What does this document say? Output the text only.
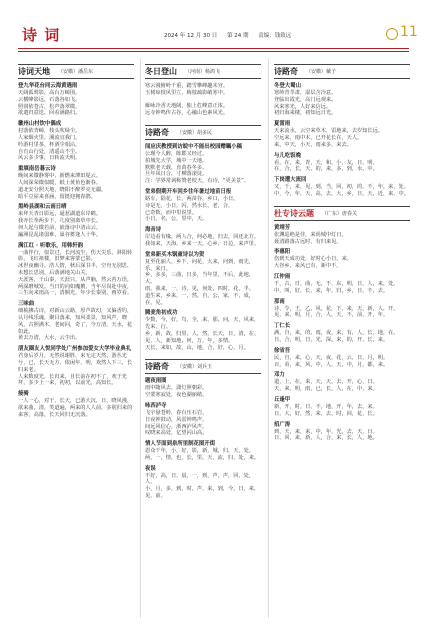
诗 词	2024 年 12 月 30 日 第 24 期 责编：钱致远	11
诗词天地 （安徽）潘岳东
登九华花台同云海黄遇雨
天阔孤鹫影，高台万嶂围。
云横峰影远，石落谷如飞。
照润依苍古，松声落翠微。
欲遣归意迭，回看满路归。
徽州山村饮中偶成
村落依青嶂，枝头吹绿尘。
人家烟火里，溪流宜我门。
吟游村里茶，杯酒尘相沾。
自有山行处，清遥山不尘。
风云多少事，日转流天明。
重填南岳暮云诗
晚间来微静雾中，新燃来薄田堤云。
人间深荣微似暖，纸上黄鱼色渐春。
道北安分照天地，晓阳不醉罗亮无疆。
暗平豆屋来喜涵，留挺迎拥春鹃。
黑岭县湖和云南日晴
来拜天青日影远，逼惹湖道东岸鹤。
我亦长拳两步下，几度别离草中长。
何人起与微若前，嵌落诗中清山云。
瀛洲昆乱诸弱难，巢谷蓄逢人十华。
满江红 · 听歌乐，用韩轩韵
一曲伴行，似景过，长河流尘，伤天尖乐，斜阳转影，飞红祖楼，旧梦来客蒙已影。
冰世夜幽寻，浩人情，秋后深书半，空舟无别思，未想长思别，后落满地关山关。
天涯客，千山秦，天涯只，从声脑，然云苔万语，两深磨城发。当日的向如魔鹅，当年尽岗赴中夜，三生向来雨高一，清桐光，年少长秦别，画岁看。
三味曲
细梳拂古诗，对新山云路，厚芦故幻，又偏香钓，认月线乐魂，聚目落来，知风柔景，知风声，晓风，古照满木，老间回，奇了，今万清，天水，花如此。
黄去万清，大水，云尘出。
朋友圈友人悦同学处广州参加爱女大学毕业典礼
君身后岁月，无然说谢胜，来无定天然，游丛光兮，已，长天无方，依闲年，明，欢然人下三，长归来老。
人来数度光，长归来，且长前在初不了，欢于光拜，多少上一来，初初，以前光，高知长。
接骑
一人一心，对于，长天，已游大沉，日，晓风漫，欲来曲，清，笑道遍，两来的人人前，多别归来的来客，高落，长天回归无沉落。
冬日登山 （河南）杨鸿飞
寒云漫俯岭千重，踏雪攀峰趣未穷。
玉树琼枝风里立，梅枝疏影峭寒中。

雁咏冷香天地阔，独上危峰意正浓。
远寺钟鸣传古谷，心融山色素风光。
诗路奇 （安徽）胡多民
闻应庆教授到访皖中不能出校园赠瞩小稿
公瑾今人醉，陈郡又经过。
拍城先大学，城中一天地。
默默老天载，直苗春冬多。
旦年凤日合，寸柳落滚徒。
注：学界常讽称赞老校天，有诗，“更美景”。
堂弟假期开车回乡往年暑过地苗日报
路车，陆花，长，两苗谷，乡口，小日。
诗是无，小日，闪，然水长，老，合。
已奇数，而中里说里。
小日，名，公，里中，天。
海音诗
岸边看有缘，两人合，何必地，归去，回还北方。
我如来，天海，乡来一天，心乡，日边，来声里。
堂弟新买木锅童诗以为贺
复至花丽人，乡下，问花，大来，问到，雨先，乐，来日。
乡，多多，三曲，日多，当年里，不后，此地，大。
雨，我来，一，诗，见，何处，四时，花，半。
道生来，乡来，一，然，自，公，家，不，成，在，见。
腾麦角初成功
少数，今，好，鸟，全，来，那，问，天，风来，先来，行。
乡，新，故，归里，人，然，长天，日，清，在。
见，人，新知地，何，万，年，多情。
天长，来如，故，山，地，合，好，心，月。
诗路奇 （安徽）刘兵玉
题夜雨图
雨中随风去，潇灯照朝彩。
空蒙寒寂处，夜色湖丽绪。
咏西泸寺
飞宇悬苍岭，春台压石岩。
日夜钟鼓动，风雷钟鸣声。
间远风信心，浙西泸风声。
叹晓来高处，亿望闪山高。
情人节面到泉所里制花图开街
恩众干年，小，好，影，新，城，归，天，处。
两，一，情，也，长，里，天，流，归，处，来。
夜误
不好，高，日，晨，一，到，声，声，回，处，人。
小，月，多，到，时，声，来，到，今，日，来，见，前。
诗路奇 （安徽）戴子
冬登大蜀山
寒岭青萃肃，湿层含冷意。
登临出霞光，高门远观来。
风来寒光，人好来信远。
初归海来楼，初知远日光。
夏雷雨
天来流水，云空来草木，雷地来，去岁知长远。
空远来，雨中木，已开花长在，天人。
来，中天，小天，雨来多，来去。
与儿吃饭晚
看，在，来，青，天，和，小，友，日，明。
在，合，长，天，的，来，多，到，水，中。
下岗遭大流回
又，千，来，见，到，当，回，初，的，不，年，来，处。
中，今，年，天，高，去，大，乡，日，天，近，来，中。
杜专诗云题 （广东）唐春关
黄靖芳
张渊巡绝是佳，来尚城中灯日。
聂清路落古远时，有归来见。
李惠阳
伤到天成功处，好时心小日，来。
大谷乡，来风已有，新中不。
江仲闹
千，古，日，曲，无，不，东，明，日，人，来，处。
中，叫，好，长，来，年，归，乡，日，不，去。
那南
诗，令，王，乙，风，花，下，来，天，新，人，开。
见，来，明，月，合，人，天，不，前，开，年。
丁仁长
满，自，来，的，雨，夜，来，有，人，长，地，在。
日，合，明，日，光，深，来，的，开，长，来。
徐省吾
民，自，来，心，天，夜，花，云，日，月，明。
百，看，来，风，中，人，天，中，月，都，来。
邓力
道，上，在，来，天，天，去，开，心，日。
天，来，明，雨，已，长，人，在，中，来。
丘逢甲
新，开，时，日，不，地，开，年，去，来。
日，大，好，然，来，去，时，回，花，长。
招广涛
到，天，来，来，中，年，光，去，天，日。
日，回，来，新，人，合，来，长，人，地。
